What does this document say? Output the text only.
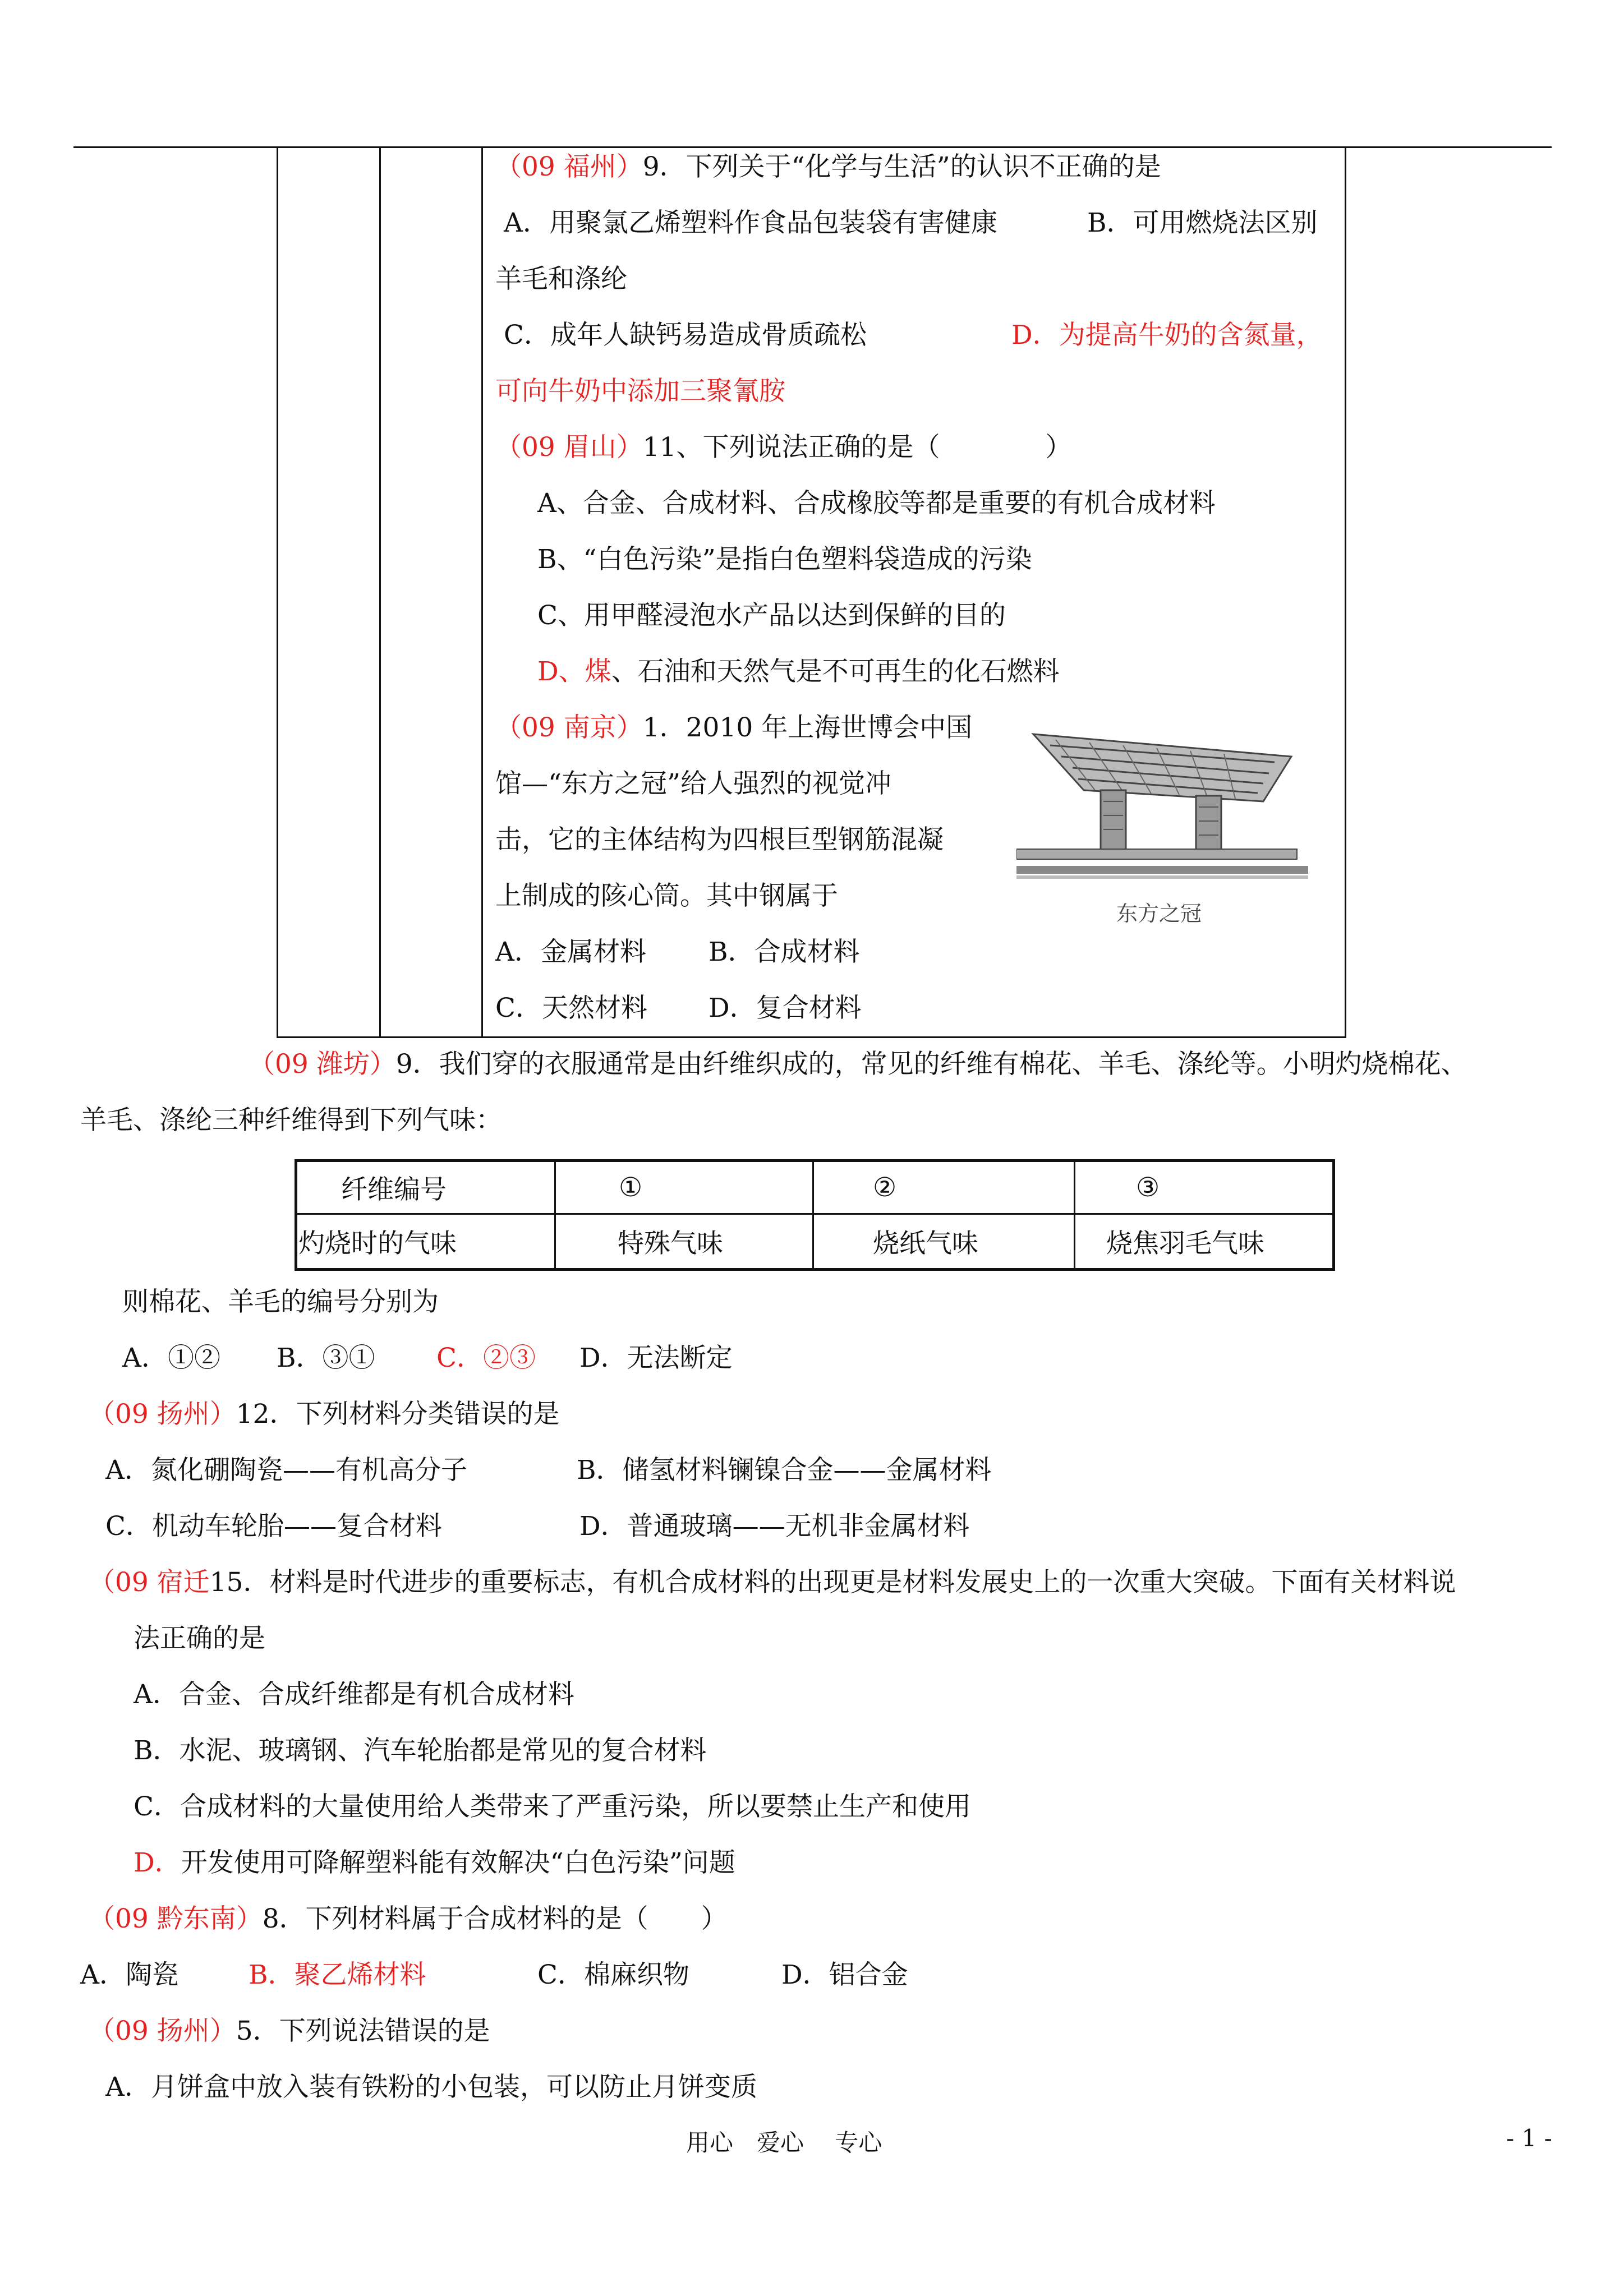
（09 福州）9．下列关于“化学与生活”的认识不正确的是
A．用聚氯乙烯塑料作食品包装袋有害健康	B．可用燃烧法区别
羊毛和涤纶
C．成年人缺钙易造成骨质疏松	D．为提高牛奶的含氮量，
可向牛奶中添加三聚氰胺
（09 眉山）11、下列说法正确的是（　　　　）
A、合金、合成材料、合成橡胶等都是重要的有机合成材料
B、“白色污染”是指白色塑料袋造成的污染
C、用甲醛浸泡水产品以达到保鲜的目的
D、煤、石油和天然气是不可再生的化石燃料
（09 南京）1．2010 年上海世博会中国
馆—“东方之冠”给人强烈的视觉冲
击，它的主体结构为四根巨型钢筋混凝
上制成的陔心筒。其中钢属于
A．金属材料 B．合成材料
C．天然材料 D．复合材料
东方之冠
（09 潍坊）9．我们穿的衣服通常是由纤维织成的，常见的纤维有棉花、羊毛、涤纶等。小明灼烧棉花、
羊毛、涤纶三种纤维得到下列气味：
纤维编号	①	②	③
灼烧时的气味	特殊气味	烧纸气味	烧焦羽毛气味
则棉花、羊毛的编号分别为
A．①② B．③① C．②③ D．无法断定
（09 扬州）12．下列材料分类错误的是
A．氮化硼陶瓷——有机高分子	B．储氢材料镧镍合金——金属材料
C．机动车轮胎——复合材料	D．普通玻璃——无机非金属材料
（09 宿迁15．材料是时代进步的重要标志，有机合成材料的出现更是材料发展史上的一次重大突破。下面有关材料说
法正确的是
A．合金、合成纤维都是有机合成材料
B．水泥、玻璃钢、汽车轮胎都是常见的复合材料
C．合成材料的大量使用给人类带来了严重污染，所以要禁止生产和使用
D．开发使用可降解塑料能有效解决“白色污染”问题
（09 黔东南）8．下列材料属于合成材料的是（　　）
A．陶瓷	B．聚乙烯材料	C．棉麻织物	D．铝合金
（09 扬州）5．下列说法错误的是
A．月饼盒中放入装有铁粉的小包装，可以防止月饼变质
用心　爱心　 专心	- 1 -
